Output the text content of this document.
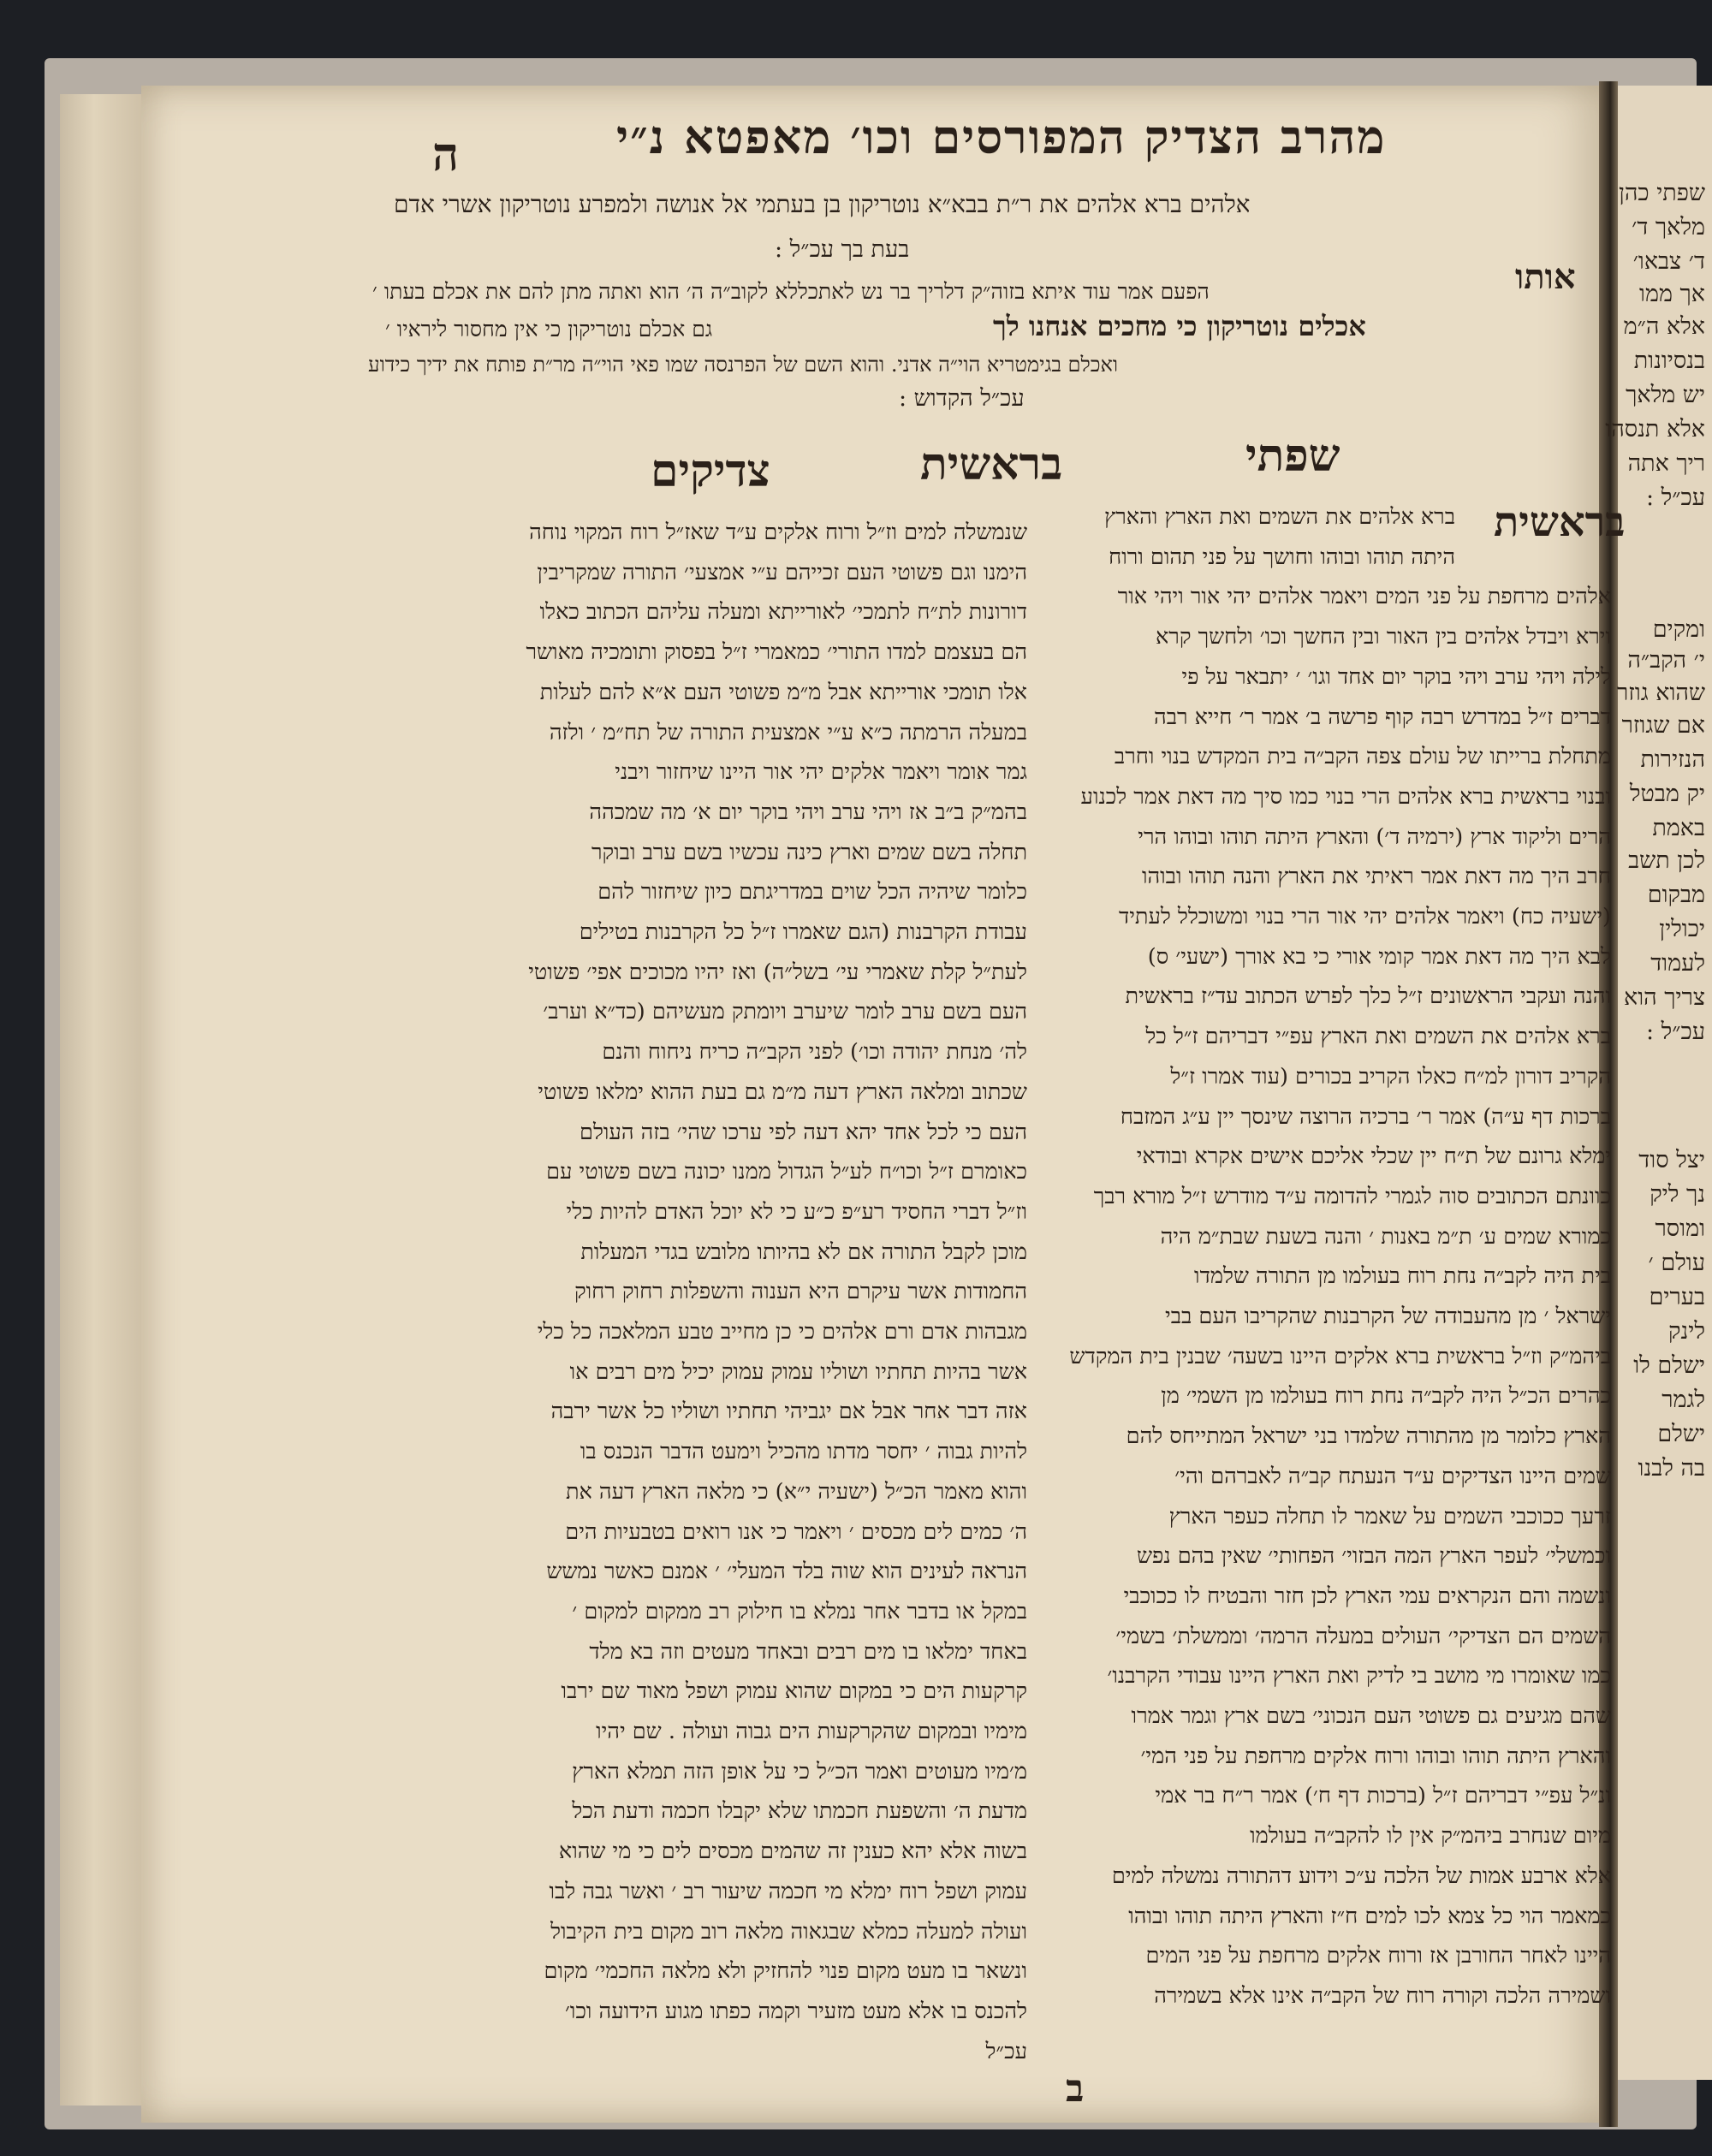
שפתי כהן
מלאך ד׳
ד׳ צבאו׳
אך ממו
אלא ה״מ
בנסיונות
יש מלאך
אלא תנסהו
ריך אתה
עכ״ל :
ומקים
י׳ הקב״ה
שהוא גוזר
אם שגוזר
הנזירות
יק מבטל
באמת
לכן תשב
מבקום
יכולין
לעמוד
צריך הוא
עכ״ל :
יצל סוד
נך ליק
ומוסר
עולם ׳
בערים
לינק
ישלם לו
לגמר
ישלם
בה לבנו
ה	מהרב הצדיק המפורסים וכו׳ מאפטא נ״י
אלהים ברא אלהים את ר״ת בבא״א נוטריקון בן בעתמי אל אנושה ולמפרע נוטריקון אשרי אדם
בעת בך עכ״ל :
אותו
הפעם אמר עוד איתא בזוה״ק דלריך בר נש לאתכללא לקוב״ה ה׳ הוא ואתה מתן להם את אכלם בעתו ׳
אכלים נוטריקון כי מחכים אנחנו לך
גם אכלם נוטריקון כי אין מחסור ליראיו ׳
ואכלם בגימטריא הוי״ה אדני. והוא השם של הפרנסה שמו פאי הוי״ה מר״ת פותח את ידיך כידוע
עכ״ל הקדוש :
שפתי
בראשית
צדיקים
בראשית
ברא אלהים את השמים ואת הארץ והארץ
היתה תוהו ובוהו וחושך על פני תהום ורוח
אלהים מרחפת על פני המים ויאמר אלהים יהי אור ויהי אור
וירא ויבדל אלהים בין האור ובין החשך וכו׳ ולחשך קרא
לילה ויהי ערב ויהי בוקר יום אחד וגו׳ ׳ יתבאר על פי
דברים ז״ל במדרש רבה קוף פרשה ב׳ אמר ר׳ חייא רבה
מתחלת ברייתו של עולם צפה הקב״ה בית המקדש בנוי וחרב
ובנוי בראשית ברא אלהים הרי בנוי כמו סיך מה דאת אמר לכנוע
הרים וליקוד ארץ (ירמיה ד׳) והארץ היתה תוהו ובוהו הרי
חרב היך מה דאת אמר ראיתי את הארץ והנה תוהו ובוהו
(ישעיה כח) ויאמר אלהים יהי אור הרי בנוי ומשוכלל לעתיד
לבא היך מה דאת אמר קומי אורי כי בא אורך (ישעי׳ ס)
והנה ועקבי הראשונים ז״ל כלך לפרש הכתוב עד״ז בראשית
ברא אלהים את השמים ואת הארץ עפ״י דבריהם ז״ל כל
הקריב דורון למ״ח כאלו הקריב בכורים (עוד אמרו ז״ל
ברכות דף ע״ה) אמר ר׳ ברכיה הרוצה שינסך יין ע״ג המזבח
ימלא גרונם של ת״ח יין שכלי אליכם אישים אקרא ובודאי
כוונתם הכתובים סוה לגמרי להדומה ע״ד מודרש ז״ל מורא רבך
כמורא שמים ע׳ ת״מ באנות ׳ והנה בשעת שבת״מ היה
בית היה לקב״ה נחת רוח בעולמו מן התורה שלמדו
ישראל ׳ מן מהעבודה של הקרבנות שהקריבו העם בבי
ביהמ״ק וז״ל בראשית ברא אלקים היינו בשעה׳ שבנין בית המקדש
כהרים הכ״ל היה לקב״ה נחת רוח בעולמו מן השמי׳ מן
הארץ כלומר מן מהתורה שלמדו בני ישראל המתייחס להם
שמים היינו הצדיקים ע״ד הנעתח קב״ה לאברהם והי׳
זרעך ככוכבי השמים על שאמר לו תחלה כעפר הארץ
וכמשלי׳ לעפר הארץ המה הבזוי׳ הפחותי׳ שאין בהם נפש
ונשמה והם הנקראים עמי הארץ לכן חזר והבטיח לו ככוכבי
השמים הם הצדיקי׳ העולים במעלה הרמה׳ וממשלת׳ בשמי׳
כמו שאומרו מי מושב בי לדיק ואת הארץ היינו עבודי הקרבנו׳
שהם מגיעים גם פשוטי העם הנכוני׳ בשם ארץ וגמר אמרו
והארץ היתה תוהו ובוהו ורוח אלקים מרחפת על פני המי׳
ונ״ל עפ״י דבריהם ז״ל (ברכות דף ח׳) אמר ר״ח בר אמי
מיום שנחרב ביהמ״ק אין לו להקב״ה בעולמו
אלא ארבע אמות של הלכה ע״כ וידוע דהתורה נמשלה למים
כמאמר הוי כל צמא לכו למים ח״ז והארץ היתה תוהו ובוהו
היינו לאחר החורבן אז ורוח אלקים מרחפת על פני המים
ושמירה הלכה וקורה רוח של הקב״ה אינו אלא בשמירה
שנמשלה למים וז״ל ורוח אלקים ע״ד שאז״ל רוח המקוי נוחה
הימנו וגם פשוטי העם זכייהם ע״י אמצעי׳ התורה שמקריבין
דורונות לת״ח לתמכי׳ לאורייתא ומעלה עליהם הכתוב כאלו
הם בעצמם למדו התורי׳ כמאמרי ז״ל בפסוק ותומכיה מאושר
אלו תומכי אורייתא אבל מ״מ פשוטי העם א״א להם לעלות
במעלה הרמתה כ״א ע״י אמצעית התורה של תח״מ ׳ ולזה
גמר אומר ויאמר אלקים יהי אור היינו שיחזור ויבני
בהמ״ק ב״ב אז ויהי ערב ויהי בוקר יום א׳ מה שמכהה
תחלה בשם שמים וארץ כינה עכשיו בשם ערב ובוקר
כלומר שיהיה הכל שוים במדריגתם כיון שיחזור להם
עבודת הקרבנות (הגם שאמרו ז״ל כל הקרבנות בטילים
לעת״ל קלת שאמרי עי׳ בשל״ה) ואז יהיו מכוכים אפי׳ פשוטי
העם בשם ערב לומר שיערב ויומתק מעשיהם (כד״א וערב׳
לה׳ מנחת יהודה וכו׳) לפני הקב״ה כריח ניחוח והנם
שכתוב ומלאה הארץ דעה מ״מ גם בעת ההוא ימלאו פשוטי
העם כי לכל אחד יהא דעה לפי ערכו שהי׳ בזה העולם
כאומרם ז״ל וכו״ח לע״ל הגדול ממנו יכונה בשם פשוטי עם
וז״ל דברי החסיד רע״פ כ״ע כי לא יוכל האדם להיות כלי
מוכן לקבל התורה אם לא בהיותו מלובש בגדי המעלות
החמודות אשר עיקרם היא הענוה והשפלות רחוק רחוק
מגבהות אדם ורם אלהים כי כן מחייב טבע המלאכה כל כלי
אשר בהיות תחתיו ושוליו עמוק עמוק יכיל מים רבים או
אזה דבר אחר אבל אם יגביהי תחתיו ושוליו כל אשר ירבה
להיות גבוה ׳ יחסר מדתו מהכיל וימעט הדבר הנכנס בו
והוא מאמר הכ״ל (ישעיה י״א) כי מלאה הארץ דעה את
ה׳ כמים לים מכסים ׳ ויאמר כי אנו רואים בטבעיות הים
הנראה לעינים הוא שוה בלד המעלי׳ ׳ אמנם כאשר נמשש
במקל או בדבר אחר נמלא בו חילוק רב ממקום למקום ׳
באחד ימלאו בו מים רבים ובאחד מעטים וזה בא מלד
קרקעות הים כי במקום שהוא עמוק ושפל מאוד שם ירבו
מימיו ובמקום שהקרקעות הים גבוה ועולה . שם יהיו
מ׳מיו מעוטים ואמר הכ״ל כי על אופן הזה תמלא הארץ
מדעת ה׳ והשפעת חכמתו שלא יקבלו חכמה ודעת הכל
בשוה אלא יהא כענין זה שהמים מכסים לים כי מי שהוא
עמוק ושפל רוח ימלא מי חכמה שיעור רב ׳ ואשר גבה לבו
ועולה למעלה כמלא שבגאוה מלאה רוב מקום בית הקיבול
ונשאר בו מעט מקום פנוי להחזיק ולא מלאה החכמי׳ מקום
להכנס בו אלא מעט מזעיר וקמה כפתו מגוע הידועה וכו׳
עכ״ל
ב
